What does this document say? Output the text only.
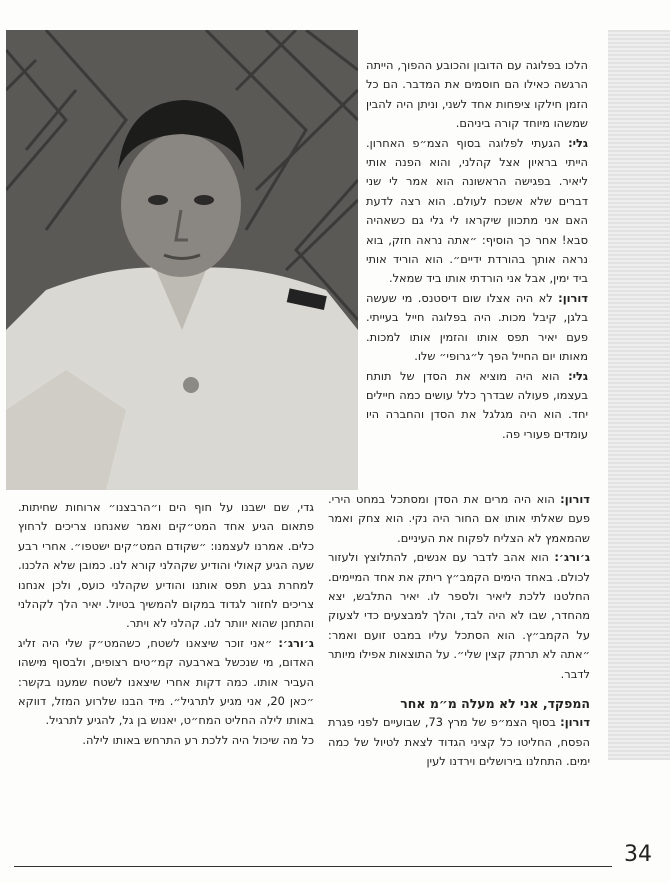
הלכו בפלוגה עם הדובון והכובע ההפוך, הייתה הרגשה כאילו הם חוסמים את המדבר. הם כל הזמן חילקו ציפחות אחד לשני, וניתן היה להבין שמשהו מיוחד קורה ביניהם.

גלי: הגעתי לפלוגה בסוף הצמ״פ האחרון. הייתי בראיון אצל קהלני, והוא הפנה אותי ליאיר. בפגישה הראשונה הוא אמר לי שני דברים שלא אשכח לעולם. הוא רצה לדעת האם אני מתכוון שיקראו לי גלי גם כשאהיה סבא! אחר כך הוסיף: ״אתה נראה חזק, בוא נראה אותך בהורדת ידיים״. הוא הוריד אותי ביד ימין, אבל אני הורדתי אותו ביד שמאל.

דורון: לא היה אצלו שום דיסטנס. מי שעשה בלגן, קיבל מכות. היה בפלוגה חייל בעייתי. פעם יאיר תפס אותו והזמין אותו למכות. מאותו יום החייל הפך ל״גרופי״ שלו.

גלי: הוא היה מוציא את הסדן של תותח בעצמו, פעולה שבדרך כלל עושים כמה חיילים יחד. הוא היה מגלגל את הסדן והחברה היו עומדים פעורי פה.

דורון: הוא היה מרים את הסדן ומסתכל במחט הירי. פעם שאלתי אותו אם החור היה נקי. הוא צחק ואמר שהמאמץ לא הצליח לפקוח את העיניים.

ג׳ורג׳: הוא אהב לדבר עם אנשים, להתלוצץ ולעזור לכולם. באחד הימים הקמב״ץ ריתק את אחד המיימים. החלטנו ללכת ליאיר ולספר לו. יאיר התלבש, יצא מהחדר, שבו לא היה לבד, והלך למבצעים כדי לצעוק על הקמב״ץ. הוא הסתכל עליו במבט זועם ואמר: ״אתה לא תרתק קצין שלי״. על התוצאות אפילו מיותר לדבר.

המפקד, אני לא מעלה מ״מ אחר

דורון: בסוף הצמ״פ של מרץ 73, שבועיים לפני פגרת הפסח, החליטו כל קציני הגדוד לצאת לטיול של כמה ימים. התחלנו בירושלים וירדנו לעין

גדי, שם ישבנו על חוף הים ו״הרבצנו״ ארוחות שחיתות. פתאום הגיע אחד המט״קים ואמר שאנחנו צריכים לרחוץ כלים. אמרנו לעצמנו: ״שקודם המט״קים ישטפו״. אחרי רבע שעה הגיע קאולי והודיע שקהלני קורא לנו. כמובן שלא הלכנו. למחרת גבע תפס אותנו והודיע שקהלני כועס, ולכן אנחנו צריכים לחזור לגדוד במקום להמשיך בטיול. יאיר הלך לקהלני והתחנן שהוא יוותר לנו. קהלני לא ויתר.

ג׳ורג׳: ״אני זוכר שיצאנו לשטח, כשהמט״ק שלי היה זליג האדום, מי שנכשל בארבעה קמ״טים רצופים, ולבסוף מישהו העביר אותו. כמה דקות אחרי שיצאנו לשטח שמענו בקשר: ״כאן 20, אני מגיע לתרגיל״. מיד הבנו שלרוע המזל, דווקא באותו לילה החליט המח״ט, יאנוש בן גל, להגיע לתרגיל.

כל מה שיכול היה ללכת רע התרחש באותו לילה.

34
